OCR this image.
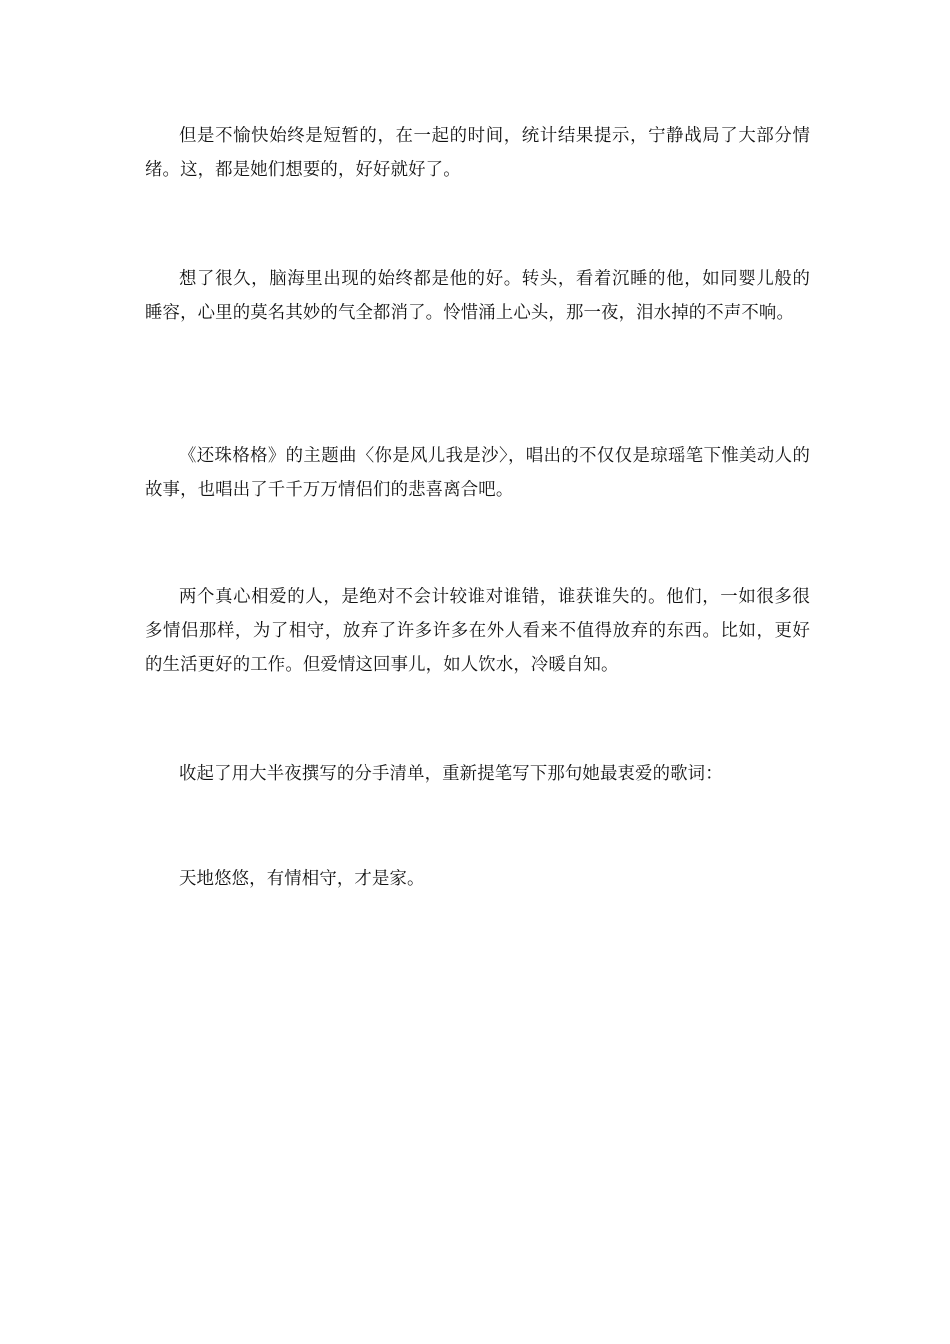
但是不愉快始终是短暂的，在一起的时间，统计结果提示，宁静战局了大部分情绪。这，都是她们想要的，好好就好了。

想了很久，脑海里出现的始终都是他的好。转头，看着沉睡的他，如同婴儿般的睡容，心里的莫名其妙的气全都消了。怜惜涌上心头，那一夜，泪水掉的不声不响。

《还珠格格》的主题曲〈你是风儿我是沙〉，唱出的不仅仅是琼瑶笔下惟美动人的故事，也唱出了千千万万情侣们的悲喜离合吧。

两个真心相爱的人，是绝对不会计较谁对谁错，谁获谁失的。他们，一如很多很多情侣那样，为了相守，放弃了许多许多在外人看来不值得放弃的东西。比如，更好的生活更好的工作。但爱情这回事儿，如人饮水，冷暖自知。

收起了用大半夜撰写的分手清单，重新提笔写下那句她最衷爱的歌词：

天地悠悠，有情相守，才是家。
